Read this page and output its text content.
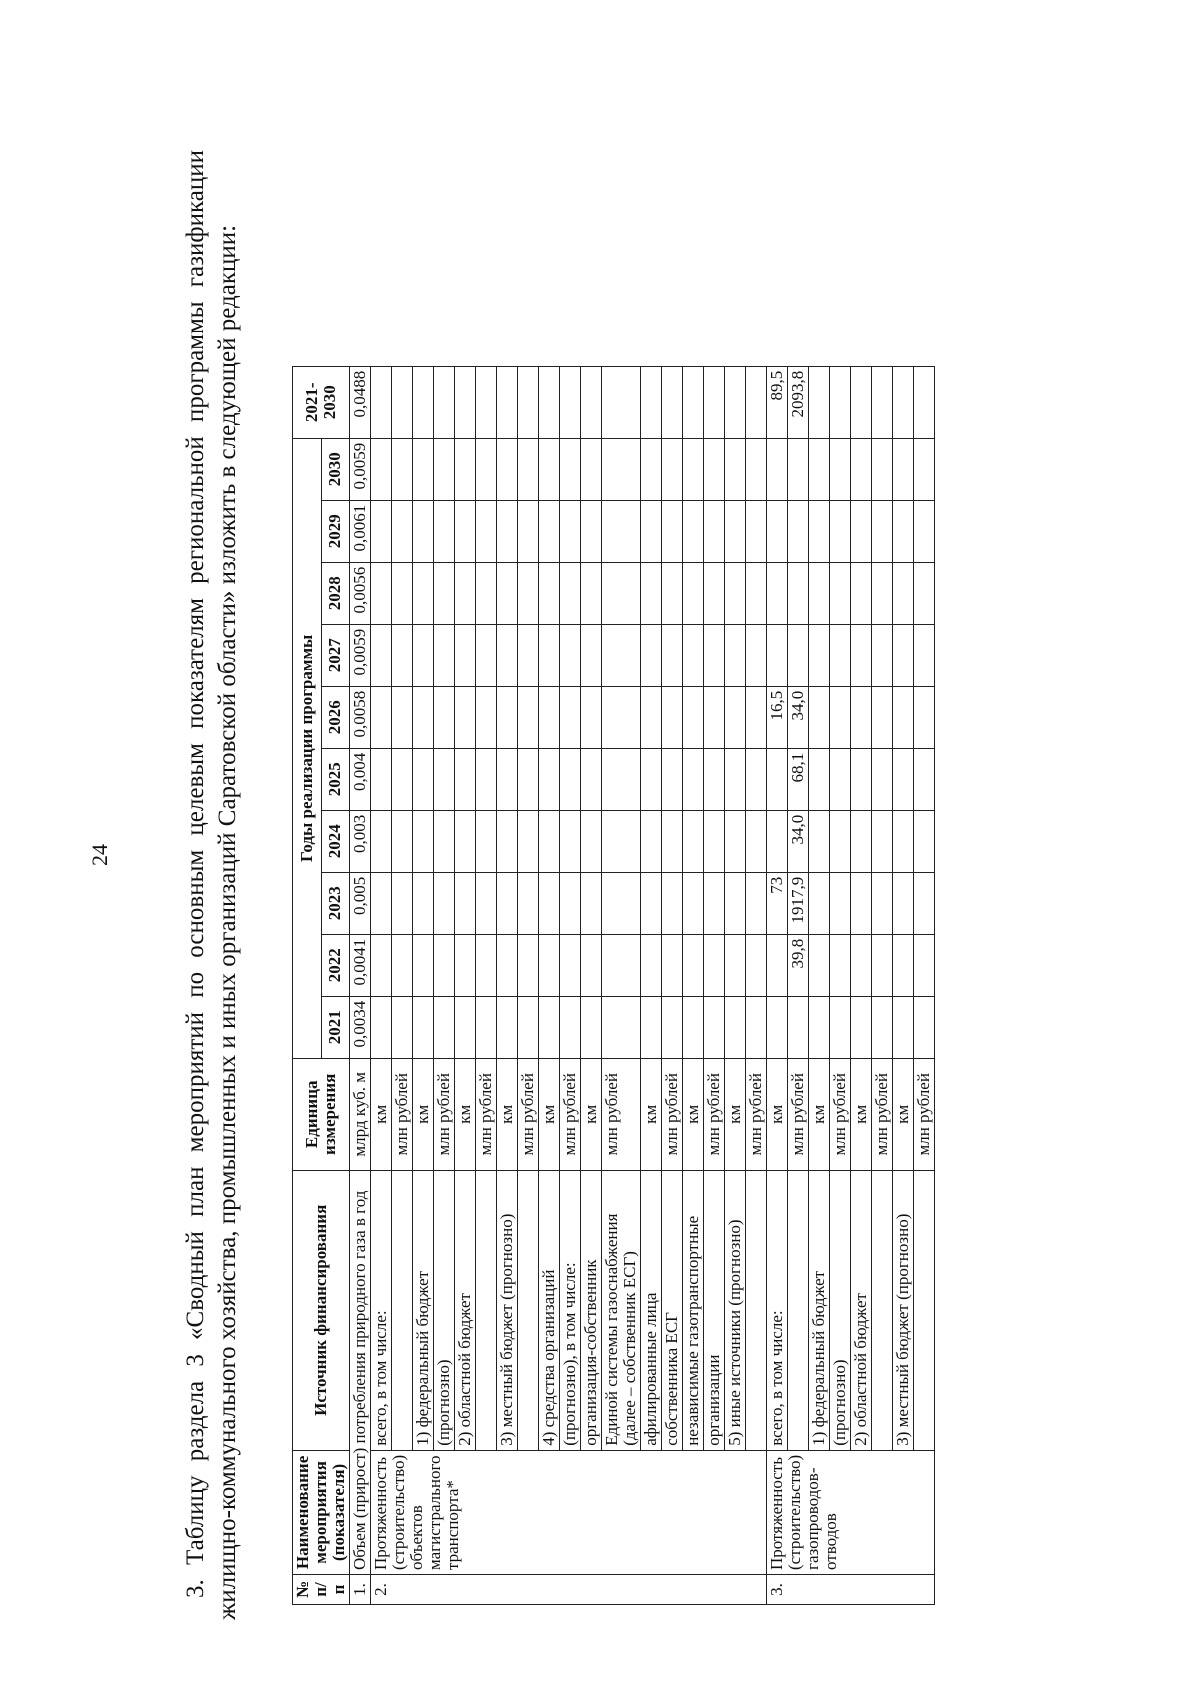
24	3. Таблицу раздела 3 «Сводный план мероприятий по основным целевым показателям региональной программы газификации жилищно-коммунального хозяйства, промышленных и иных организаций Саратовской области» изложить в следующей редакции:	№ п/п	Наименование мероприятия (показателя)	Источник финансирования	Единица измерения	Годы реализации программы										2021-2030
				2021	2022	2023	2024	2025	2026	2027	2028	2029	2030	
1.	Объем (прирост) потребления природного газа в год		млрд куб. м	0,0034	0,0041	0,005	0,003	0,004	0,0058	0,0059	0,0056	0,0061	0,0059	0,0488
2.	Протяженность (строительство) объектов магистрального транспорта*	всего, в том числе:	км											
			млн рублей											
		1) федеральный бюджет	км											
		(прогнозно)	млн рублей											
		2) областной бюджет	км											
			млн рублей											
		3) местный бюджет (прогнозно)	км											
			млн рублей											
		4) средства организаций	км											
		(прогнозно), в том числе:	млн рублей											
		организация-собственник	км											
		Единой системы газоснабжения (далее – собственник ЕСГ)	млн рублей											
		афилированные лица	км											
		собственника ЕСГ	млн рублей											
		независимые газотранспортные	км											
		организации	млн рублей											
		5) иные источники (прогнозно)	км											
			млн рублей											
3.	Протяженность (строительство) газопроводов-отводов	всего, в том числе:	км			73			16,5					89,5
			млн рублей		39,8	1917,9	34,0	68,1	34,0					2093,8
		1) федеральный бюджет	км											
		(прогнозно)	млн рублей											
		2) областной бюджет	км											
			млн рублей											
		3) местный бюджет (прогнозно)	км											
			млн рублей											
